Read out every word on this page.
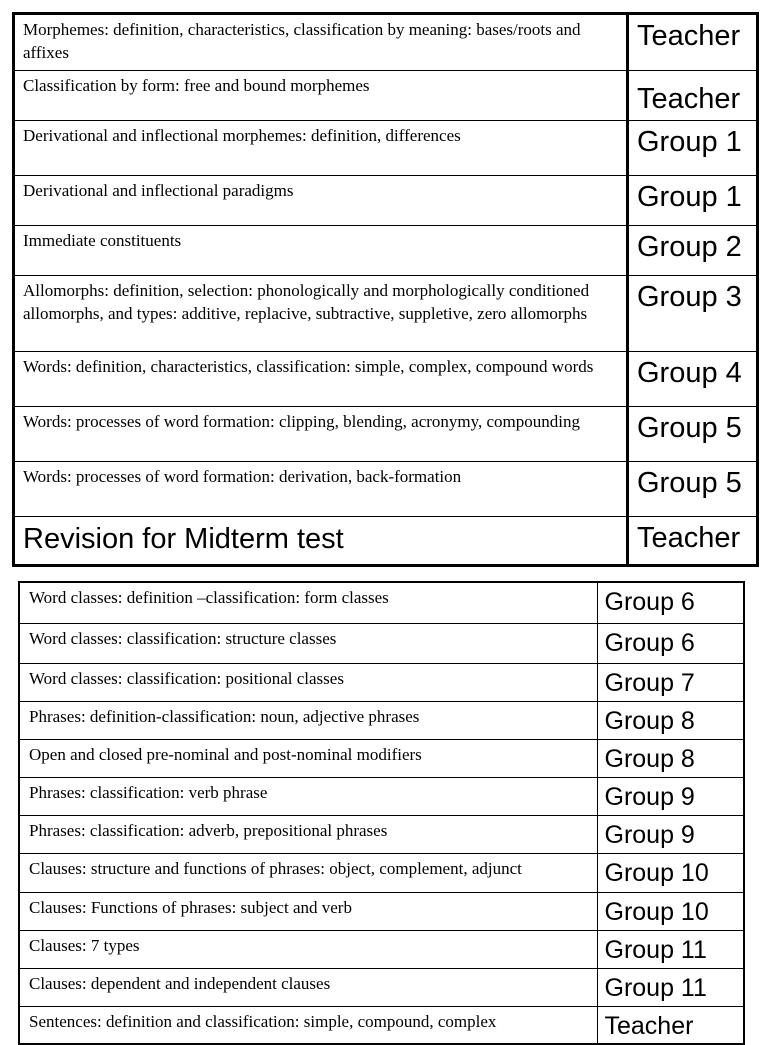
Morphemes: definition, characteristics, classification by meaning: bases/roots and affixes	Teacher
Classification by form: free and bound morphemes	Teacher
Derivational and inflectional morphemes: definition, differences	Group 1
Derivational and inflectional paradigms	Group 1
Immediate constituents	Group 2
Allomorphs: definition, selection: phonologically and morphologically conditioned allomorphs, and types: additive, replacive, subtractive, suppletive, zero allomorphs	Group 3
Words: definition, characteristics, classification: simple, complex, compound words	Group 4
Words: processes of word formation: clipping, blending, acronymy, compounding	Group 5
Words: processes of word formation: derivation, back-formation	Group 5
Revision for Midterm test	Teacher
Word classes: definition –classification: form classes	Group 6
Word classes: classification: structure classes	Group 6
Word classes: classification: positional classes	Group 7
Phrases: definition-classification: noun, adjective phrases	Group 8
Open and closed pre-nominal and post-nominal modifiers	Group 8
Phrases: classification: verb phrase	Group 9
Phrases: classification: adverb, prepositional phrases	Group 9
Clauses: structure and functions of phrases: object, complement, adjunct	Group 10
Clauses: Functions of phrases: subject and verb	Group 10
Clauses: 7 types	Group 11
Clauses: dependent and independent clauses	Group 11
Sentences: definition and classification: simple, compound, complex	Teacher
